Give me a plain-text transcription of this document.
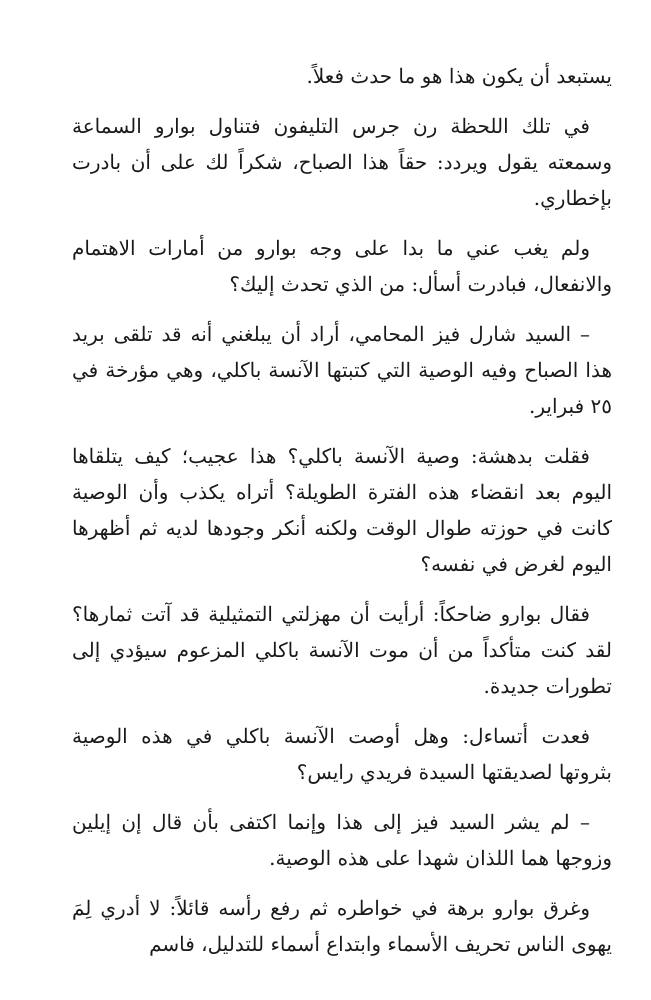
يستبعد أن يكون هذا هو ما حدث فعلاً.

في تلك اللحظة رن جرس التليفون فتناول بوارو السماعة وسمعته يقول ويردد: حقاً هذا الصباح، شكراً لك على أن بادرت بإخطاري.

ولم يغب عني ما بدا على وجه بوارو من أمارات الاهتمام والانفعال، فبادرت أسأل: من الذي تحدث إليك؟

– السيد شارل فيز المحامي، أراد أن يبلغني أنه قد تلقى بريد هذا الصباح وفيه الوصية التي كتبتها الآنسة باكلي، وهي مؤرخة في ٢٥ فبراير.

فقلت بدهشة: وصية الآنسة باكلي؟ هذا عجيب؛ كيف يتلقاها اليوم بعد انقضاء هذه الفترة الطويلة؟ أتراه يكذب وأن الوصية كانت في حوزته طوال الوقت ولكنه أنكر وجودها لديه ثم أظهرها اليوم لغرض في نفسه؟

فقال بوارو ضاحكاً: أرأيت أن مهزلتي التمثيلية قد آتت ثمارها؟ لقد كنت متأكداً من أن موت الآنسة باكلي المزعوم سيؤدي إلى تطورات جديدة.

فعدت أتساءل: وهل أوصت الآنسة باكلي في هذه الوصية بثروتها لصديقتها السيدة فريدي رايس؟

– لم يشر السيد فيز إلى هذا وإنما اكتفى بأن قال إن إيلين وزوجها هما اللذان شهدا على هذه الوصية.

وغرق بوارو برهة في خواطره ثم رفع رأسه قائلاً: لا أدري لِمَ يهوى الناس تحريف الأسماء وابتداع أسماء للتدليل، فاسم
